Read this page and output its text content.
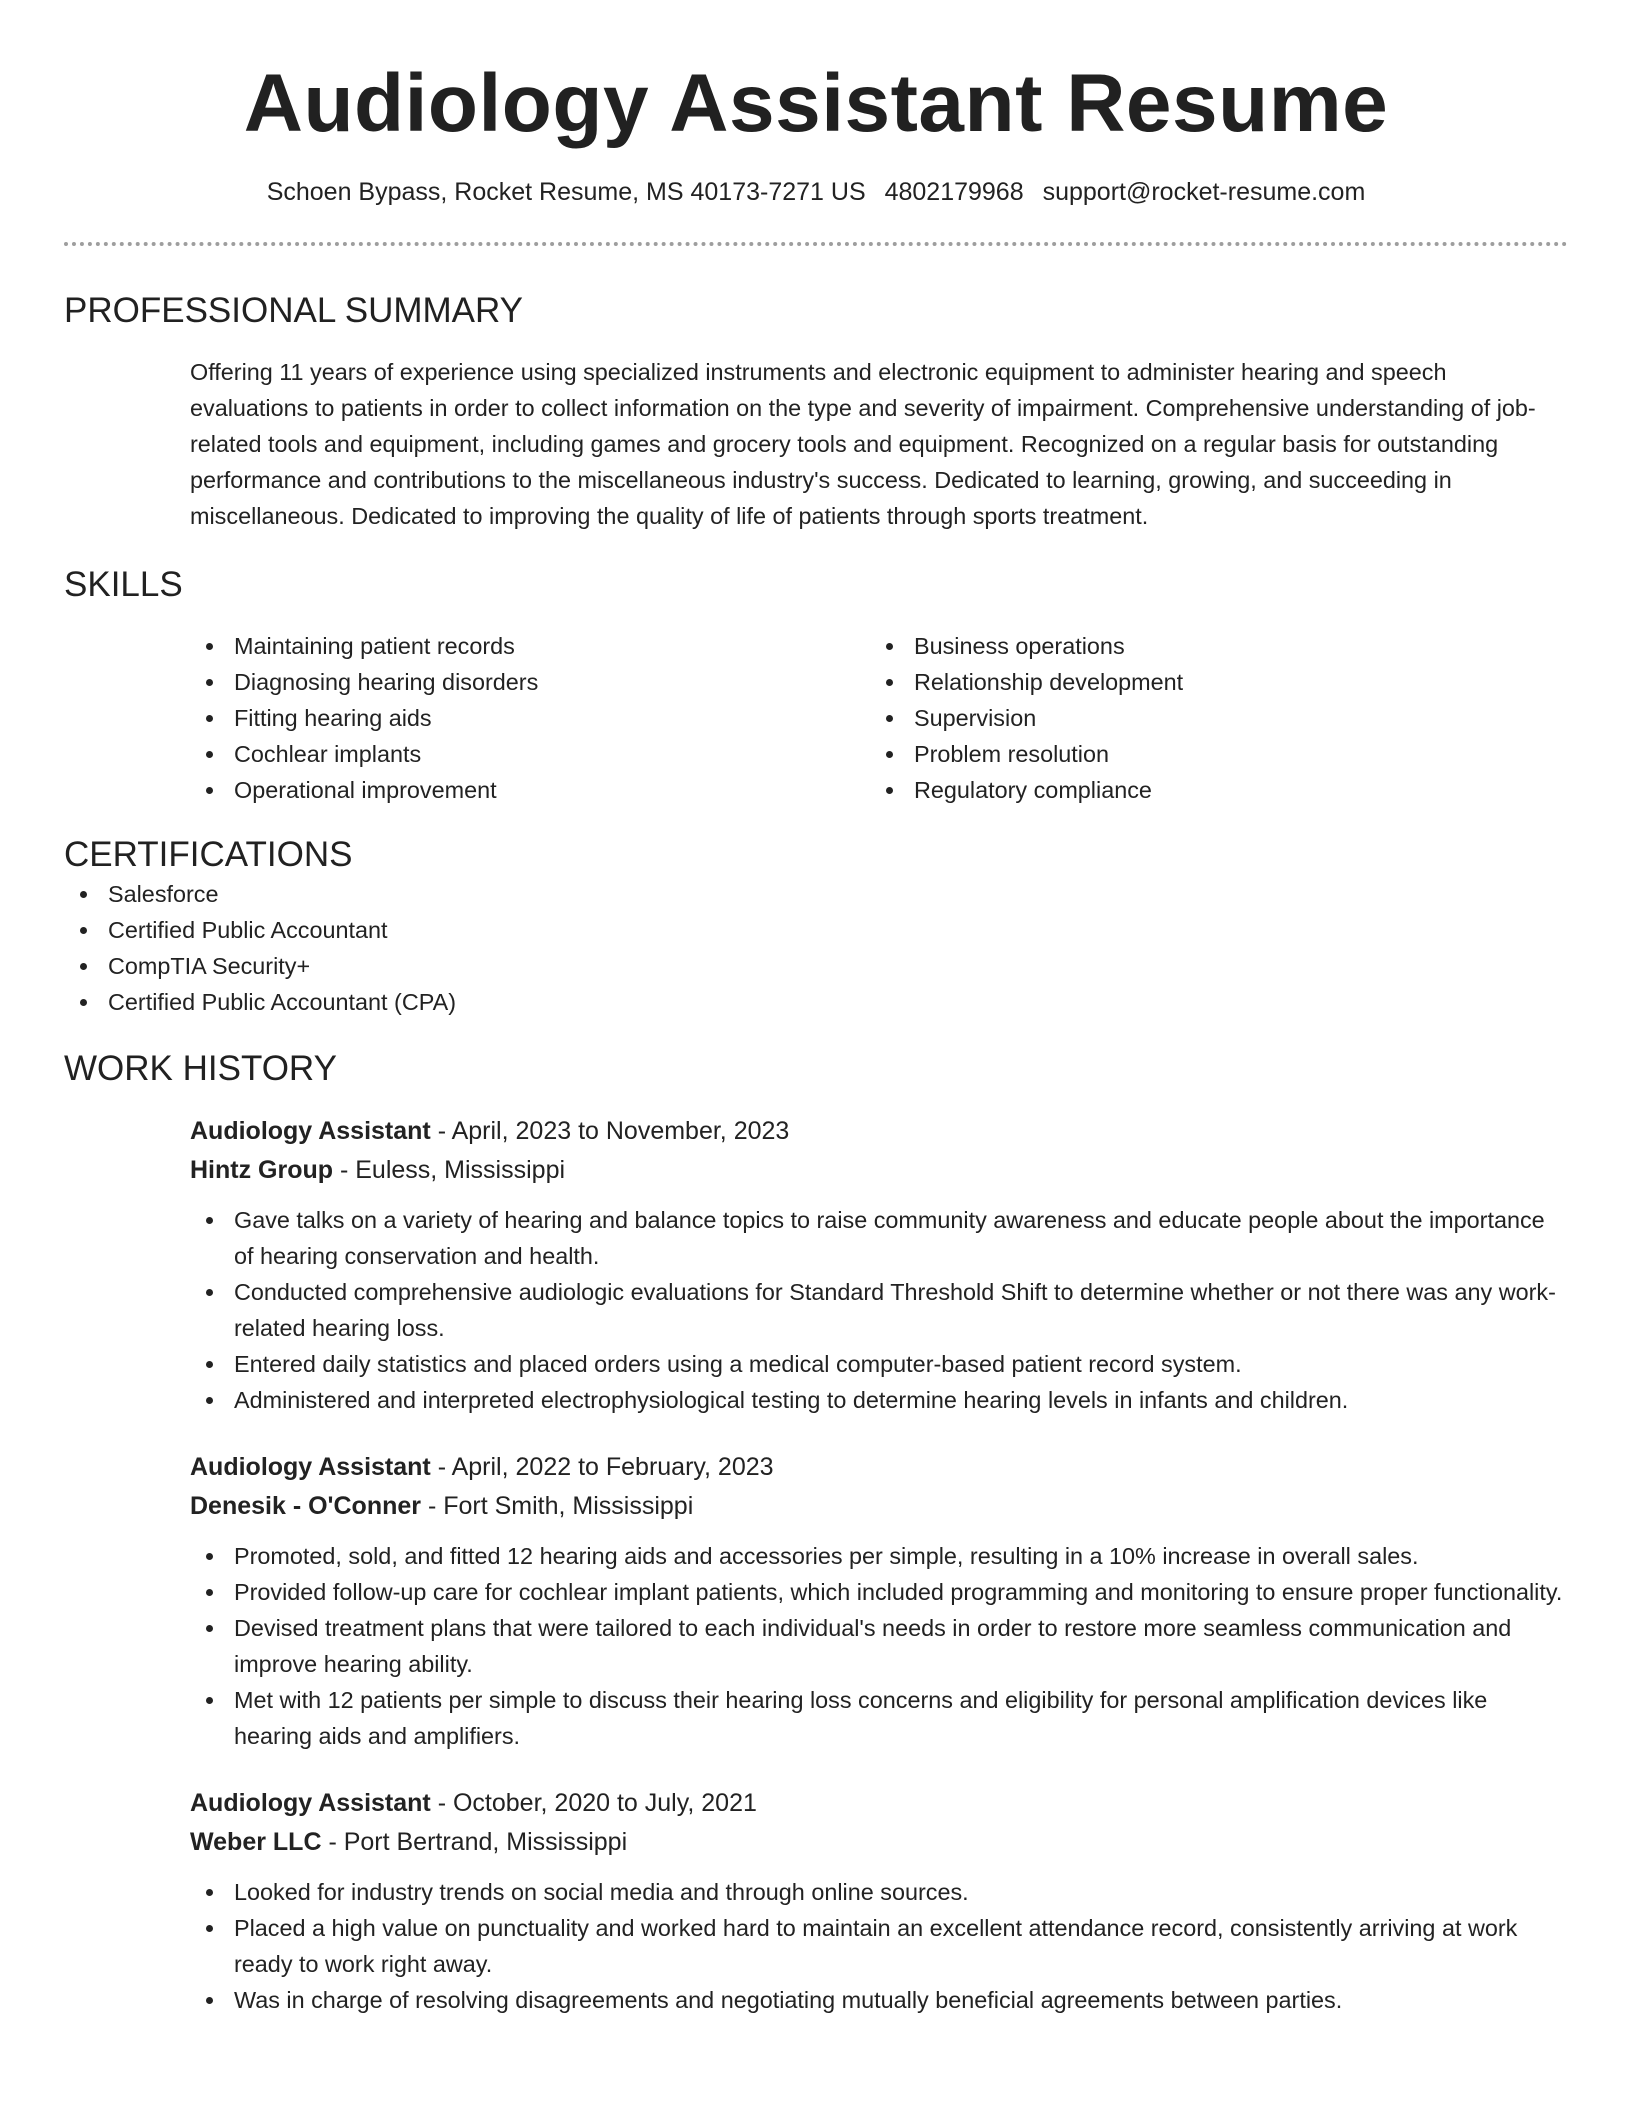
Audiology Assistant Resume
Schoen Bypass, Rocket Resume, MS 40173-7271 US 4802179968 support@rocket-resume.com
PROFESSIONAL SUMMARY

Offering 11 years of experience using specialized instruments and electronic equipment to administer hearing and speech evaluations to patients in order to collect information on the type and severity of impairment. Comprehensive understanding of job-related tools and equipment, including games and grocery tools and equipment. Recognized on a regular basis for outstanding performance and contributions to the miscellaneous industry's success. Dedicated to learning, growing, and succeeding in miscellaneous. Dedicated to improving the quality of life of patients through sports treatment.

SKILLS
Maintaining patient records
Diagnosing hearing disorders
Fitting hearing aids
Cochlear implants
Operational improvement
Business operations
Relationship development
Supervision
Problem resolution
Regulatory compliance
CERTIFICATIONS
Salesforce
Certified Public Accountant
CompTIA Security+
Certified Public Accountant (CPA)
WORK HISTORY
Audiology Assistant - April, 2023 to November, 2023
Hintz Group - Euless, Mississippi
Gave talks on a variety of hearing and balance topics to raise community awareness and educate people about the importance of hearing conservation and health.
Conducted comprehensive audiologic evaluations for Standard Threshold Shift to determine whether or not there was any work-related hearing loss.
Entered daily statistics and placed orders using a medical computer-based patient record system.
Administered and interpreted electrophysiological testing to determine hearing levels in infants and children.
Audiology Assistant - April, 2022 to February, 2023
Denesik - O'Conner - Fort Smith, Mississippi
Promoted, sold, and fitted 12 hearing aids and accessories per simple, resulting in a 10% increase in overall sales.
Provided follow-up care for cochlear implant patients, which included programming and monitoring to ensure proper functionality.
Devised treatment plans that were tailored to each individual's needs in order to restore more seamless communication and improve hearing ability.
Met with 12 patients per simple to discuss their hearing loss concerns and eligibility for personal amplification devices like hearing aids and amplifiers.
Audiology Assistant - October, 2020 to July, 2021
Weber LLC - Port Bertrand, Mississippi
Looked for industry trends on social media and through online sources.
Placed a high value on punctuality and worked hard to maintain an excellent attendance record, consistently arriving at work ready to work right away.
Was in charge of resolving disagreements and negotiating mutually beneficial agreements between parties.
